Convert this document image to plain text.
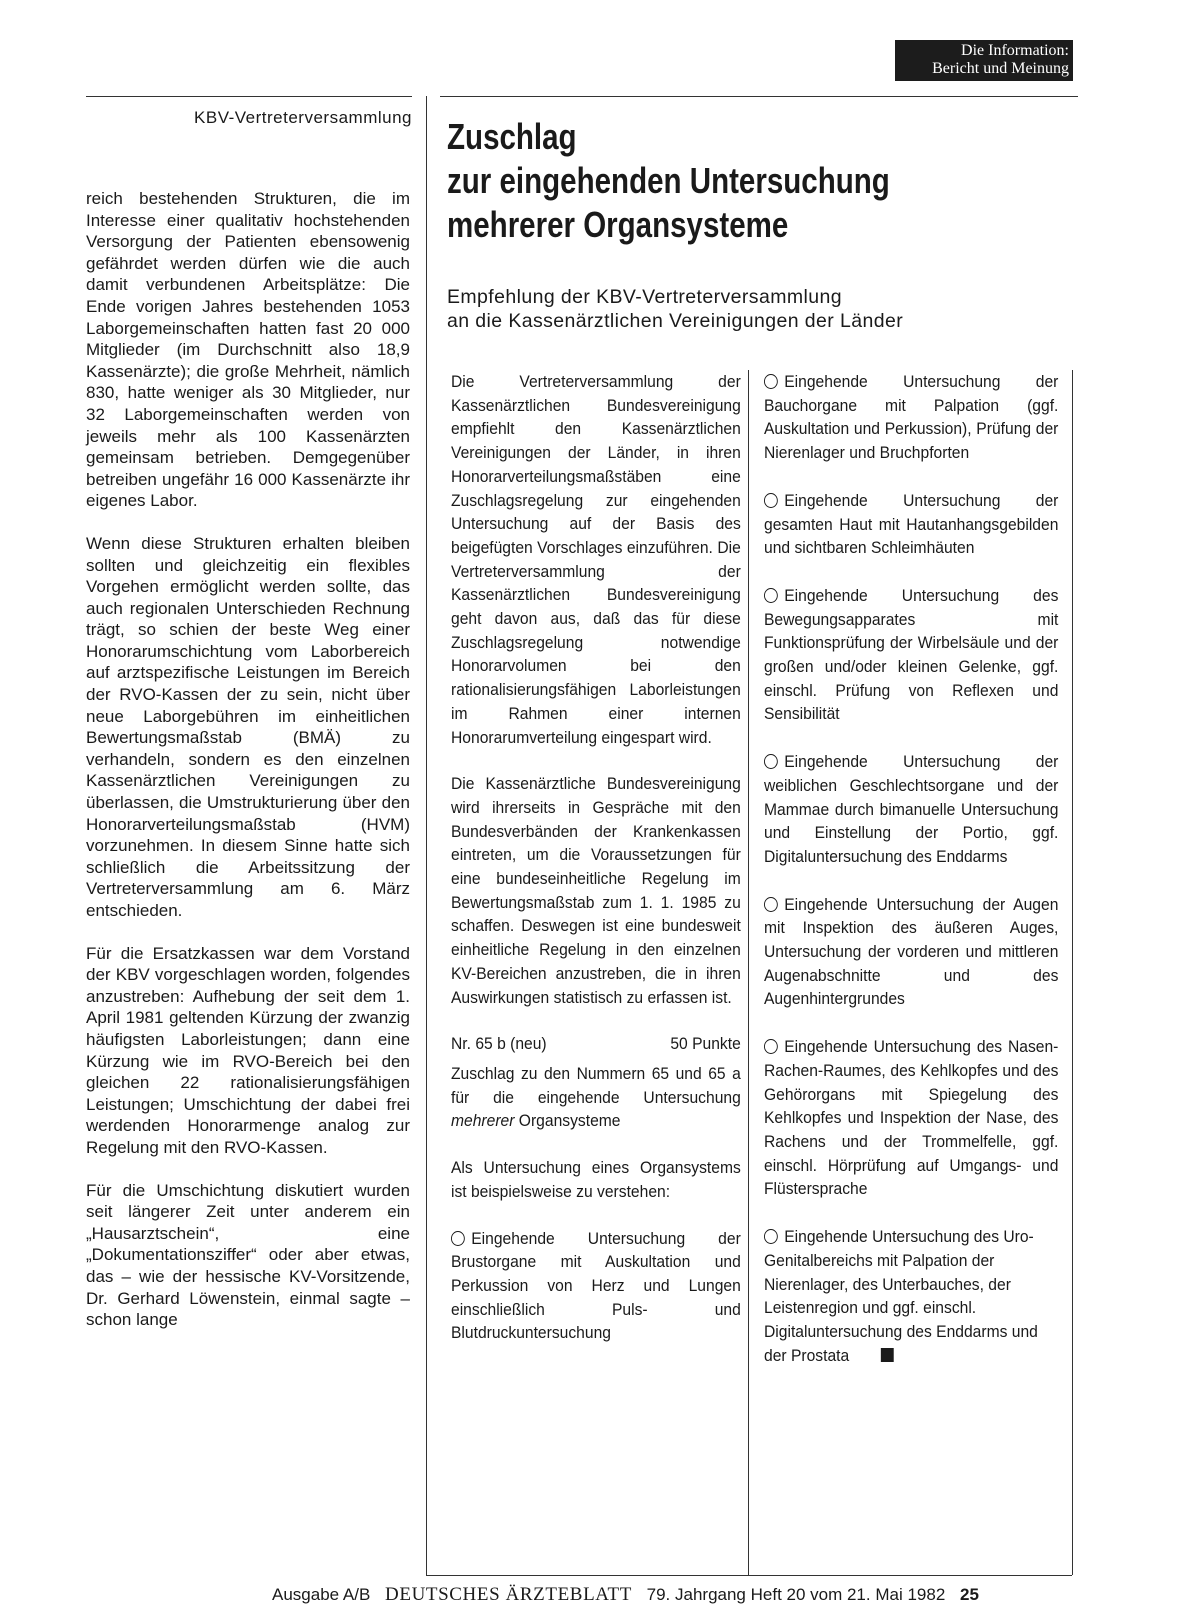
Die Information:
Bericht und Meinung
KBV-Vertreterversammlung

reich bestehenden Strukturen, die im Interesse einer qualitativ hochstehenden Versorgung der Patienten ebensowenig gefährdet werden dürfen wie die auch damit verbundenen Arbeitsplätze: Die Ende vorigen Jahres bestehenden 1053 Laborgemeinschaften hatten fast 20 000 Mitglieder (im Durchschnitt also 18,9 Kassenärzte); die große Mehrheit, nämlich 830, hatte weniger als 30 Mitglieder, nur 32 Laborgemeinschaften werden von jeweils mehr als 100 Kassenärzten gemeinsam betrieben. Demgegenüber betreiben ungefähr 16 000 Kassenärzte ihr eigenes Labor.

Wenn diese Strukturen erhalten bleiben sollten und gleichzeitig ein flexibles Vorgehen ermöglicht werden sollte, das auch regionalen Unterschieden Rechnung trägt, so schien der beste Weg einer Honorarumschichtung vom Laborbereich auf arztspezifische Leistungen im Bereich der RVO-Kassen der zu sein, nicht über neue Laborgebühren im einheitlichen Bewertungsmaßstab (BMÄ) zu verhandeln, sondern es den einzelnen Kassenärztlichen Vereinigungen zu überlassen, die Umstrukturierung über den Honorarverteilungsmaßstab (HVM) vorzunehmen. In diesem Sinne hatte sich schließlich die Arbeitssitzung der Vertreterversammlung am 6. März entschieden.

Für die Ersatzkassen war dem Vorstand der KBV vorgeschlagen worden, folgendes anzustreben: Aufhebung der seit dem 1. April 1981 geltenden Kürzung der zwanzig häufigsten Laborleistungen; dann eine Kürzung wie im RVO-Bereich bei den gleichen 22 rationalisierungsfähigen Leistungen; Umschichtung der dabei frei werdenden Honorarmenge analog zur Regelung mit den RVO-Kassen.

Für die Umschichtung diskutiert wurden seit längerer Zeit unter anderem ein „Hausarztschein“, eine „Dokumentationsziffer“ oder aber etwas, das – wie der hessische KV-Vorsitzende, Dr. Gerhard Löwenstein, einmal sagte – schon lange

Zuschlag
zur eingehenden Untersuchung
mehrerer Organsysteme
Empfehlung der KBV-Vertreterversammlung
an die Kassenärztlichen Vereinigungen der Länder

Die Vertreterversammlung der Kassenärztlichen Bundesvereinigung empfiehlt den Kassenärztlichen Vereinigungen der Länder, in ihren Honorarverteilungsmaßstäben eine Zuschlagsregelung zur eingehenden Untersuchung auf der Basis des beigefügten Vorschlages einzuführen. Die Vertreterversammlung der Kassenärztlichen Bundesvereinigung geht davon aus, daß das für diese Zuschlagsregelung notwendige Honorarvolumen bei den rationalisierungsfähigen Laborleistungen im Rahmen einer internen Honorarumverteilung eingespart wird.

Die Kassenärztliche Bundesvereinigung wird ihrerseits in Gespräche mit den Bundesverbänden der Krankenkassen eintreten, um die Voraussetzungen für eine bundeseinheitliche Regelung im Bewertungsmaßstab zum 1. 1. 1985 zu schaffen. Deswegen ist eine bundesweit einheitliche Regelung in den einzelnen KV-Bereichen anzustreben, die in ihren Auswirkungen statistisch zu erfassen ist.

Nr. 65 b (neu)	50 Punkte

Zuschlag zu den Nummern 65 und 65 a für die eingehende Untersuchung mehrerer Organsysteme

Als Untersuchung eines Organsystems ist beispielsweise zu verstehen:

Eingehende Untersuchung der Brustorgane mit Auskultation und Perkussion von Herz und Lungen einschließlich Puls- und Blutdruckuntersuchung

Eingehende Untersuchung der Bauchorgane mit Palpation (ggf. Auskultation und Perkussion), Prüfung der Nierenlager und Bruchpforten

Eingehende Untersuchung der gesamten Haut mit Hautanhangsgebilden und sichtbaren Schleimhäuten

Eingehende Untersuchung des Bewegungsapparates mit Funktionsprüfung der Wirbelsäule und der großen und/oder kleinen Gelenke, ggf. einschl. Prüfung von Reflexen und Sensibilität

Eingehende Untersuchung der weiblichen Geschlechtsorgane und der Mammae durch bimanuelle Untersuchung und Einstellung der Portio, ggf. Digitaluntersuchung des Enddarms

Eingehende Untersuchung der Augen mit Inspektion des äußeren Auges, Untersuchung der vorderen und mittleren Augenabschnitte und des Augenhintergrundes

Eingehende Untersuchung des Nasen-Rachen-Raumes, des Kehlkopfes und des Gehörorgans mit Spiegelung des Kehlkopfes und Inspektion der Nase, des Rachens und der Trommelfelle, ggf. einschl. Hörprüfung auf Umgangs- und Flüstersprache

Eingehende Untersuchung des Uro-Genitalbereichs mit Palpation der Nierenlager, des Unterbauches, der Leistenregion und ggf. einschl. Digitaluntersuchung des Enddarms und der Prostata

Ausgabe A/B DEUTSCHES ÄRZTEBLATT 79. Jahrgang Heft 20 vom 21. Mai 1982 25
